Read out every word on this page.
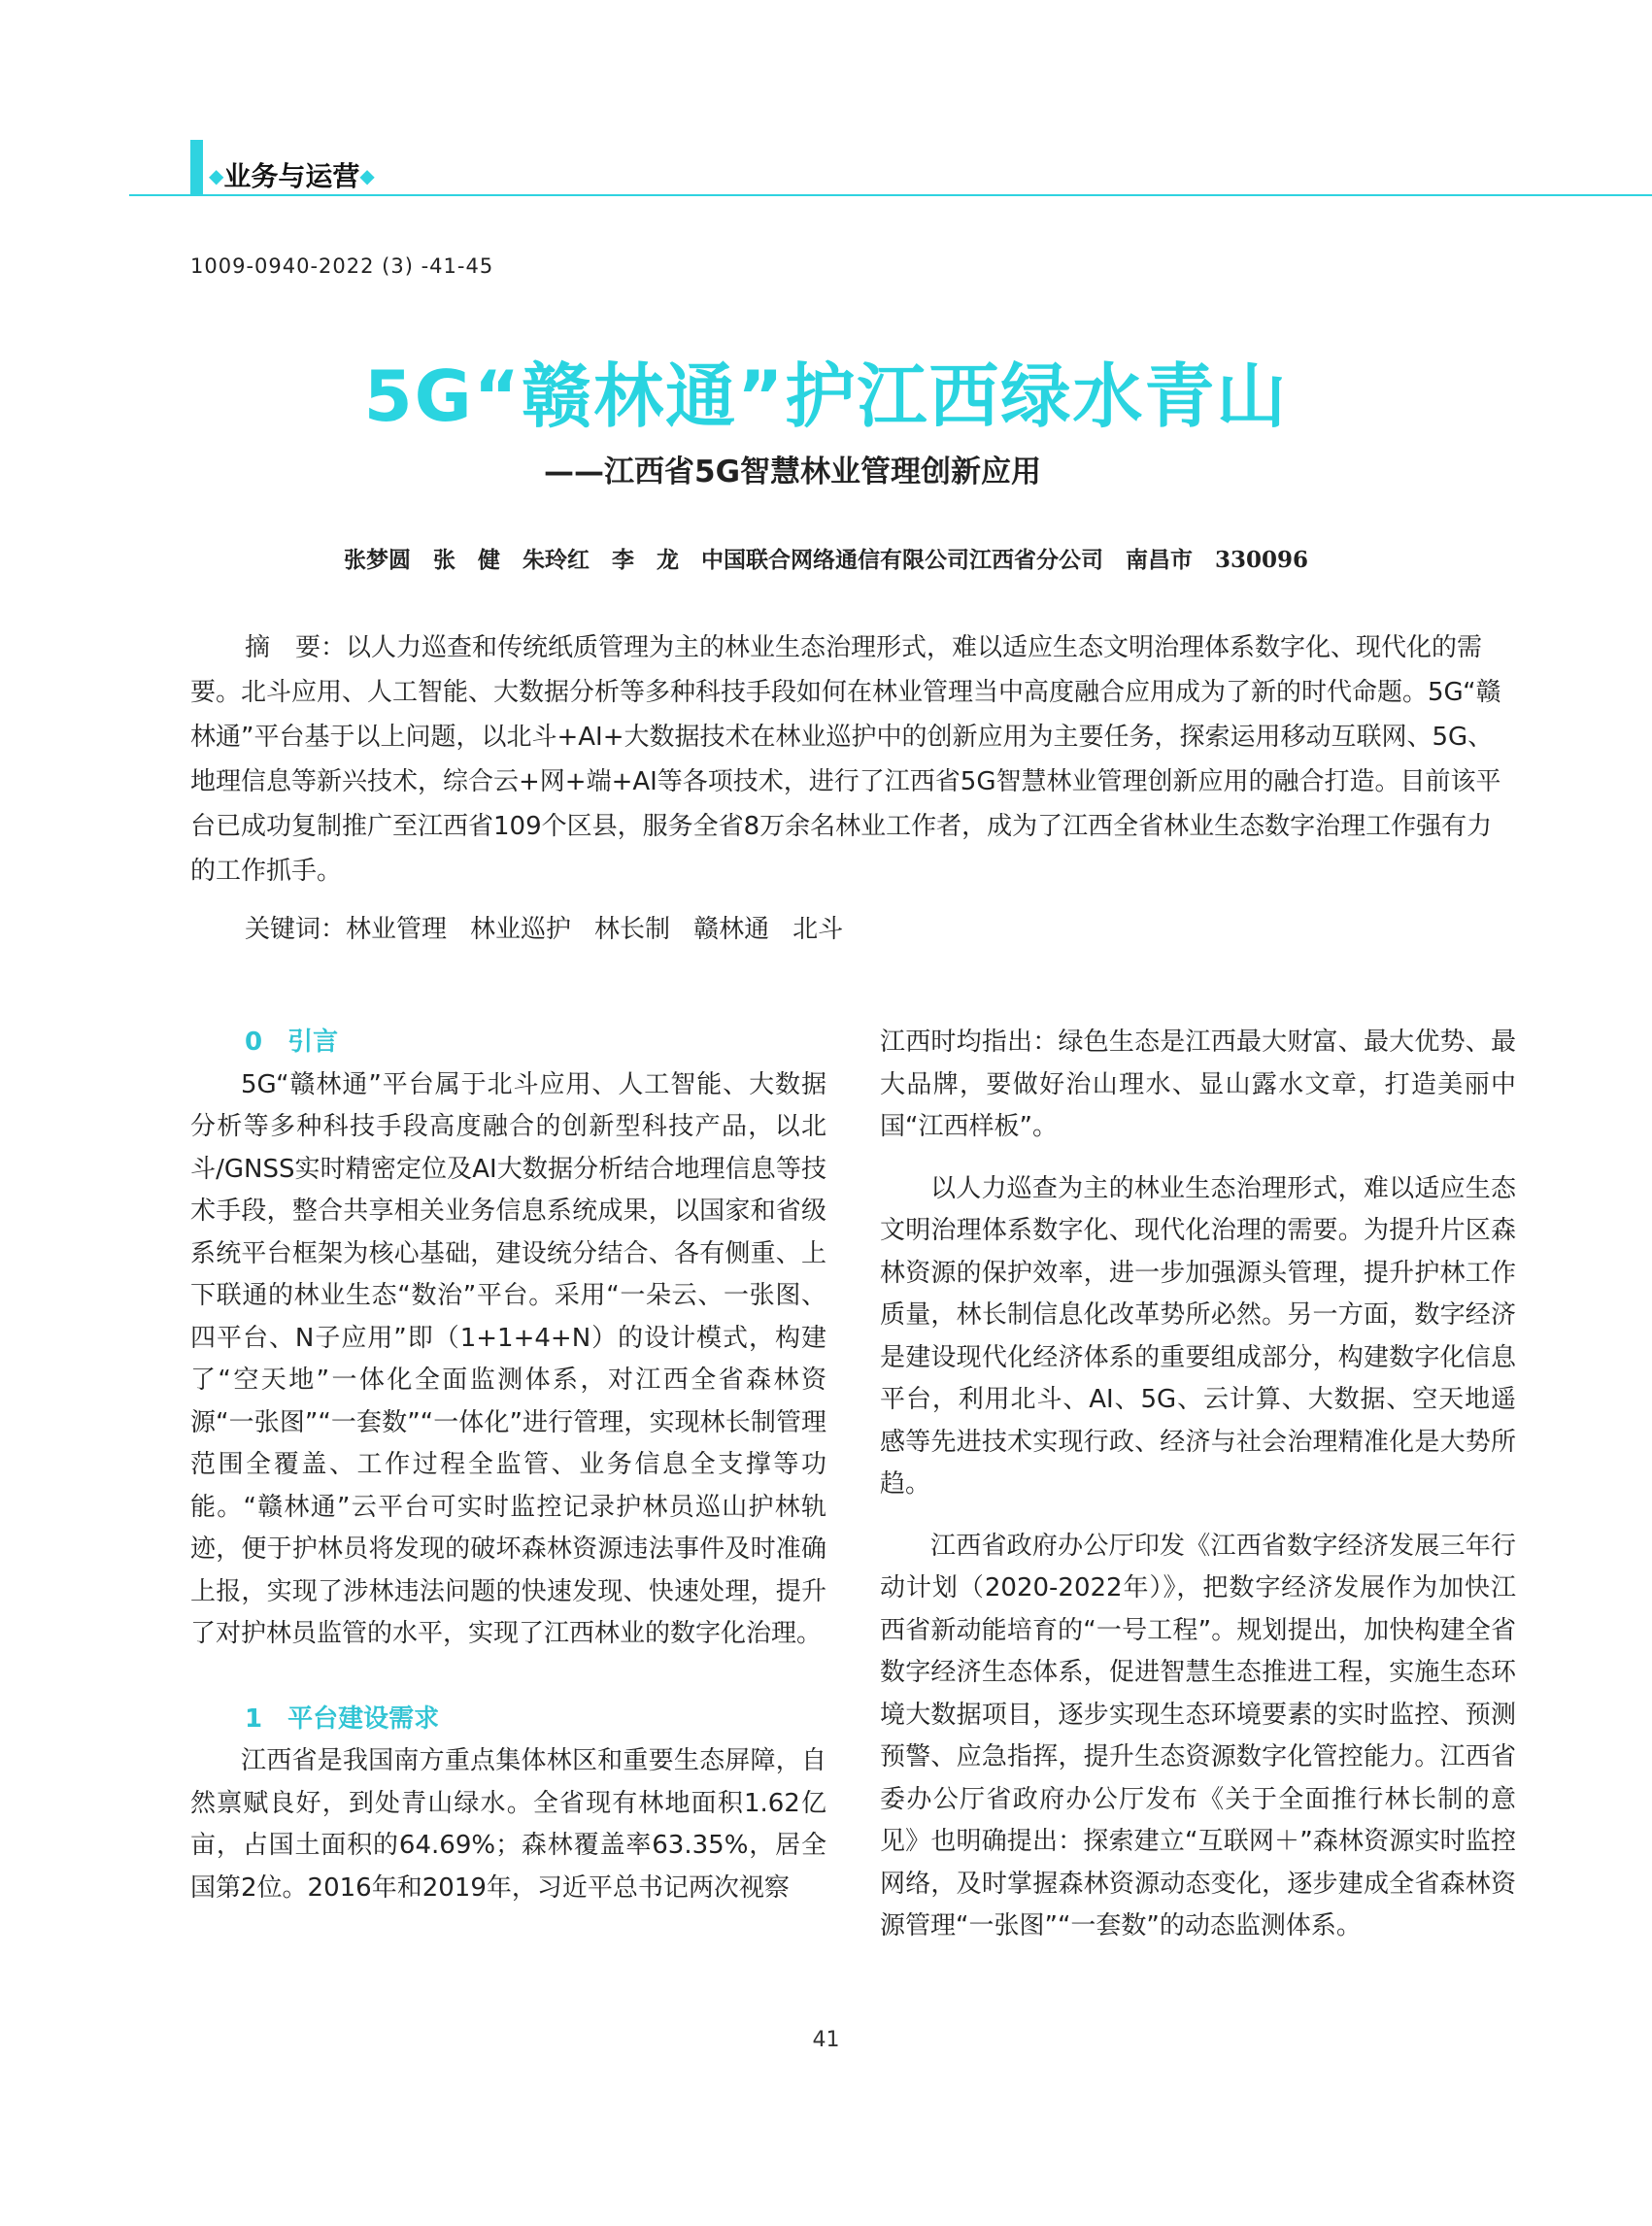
◆业务与运营◆
1009-0940-2022 (3) -41-45
5G“赣林通”护江西绿水青山
——江西省5G智慧林业管理创新应用
张梦圆　张　健　朱玲红　李　龙　中国联合网络通信有限公司江西省分公司　南昌市　330096

摘　要：以人力巡查和传统纸质管理为主的林业生态治理形式，难以适应生态文明治理体系数字化、现代化的需要。北斗应用、人工智能、大数据分析等多种科技手段如何在林业管理当中高度融合应用成为了新的时代命题。5G“赣林通”平台基于以上问题，以北斗+AI+大数据技术在林业巡护中的创新应用为主要任务，探索运用移动互联网、5G、地理信息等新兴技术，综合云+网+端+AI等各项技术，进行了江西省5G智慧林业管理创新应用的融合打造。目前该平台已成功复制推广至江西省109个区县，服务全省8万余名林业工作者，成为了江西全省林业生态数字治理工作强有力的工作抓手。

关键词：林业管理 林业巡护 林长制 赣林通 北斗

0　引言

5G“赣林通”平台属于北斗应用、人工智能、大数据分析等多种科技手段高度融合的创新型科技产品，以北斗/GNSS实时精密定位及AI大数据分析结合地理信息等技术手段，整合共享相关业务信息系统成果，以国家和省级系统平台框架为核心基础，建设统分结合、各有侧重、上下联通的林业生态“数治”平台。采用“一朵云、一张图、四平台、N子应用”即（1+1+4+N）的设计模式，构建了“空天地”一体化全面监测体系，对江西全省森林资源“一张图”“一套数”“一体化”进行管理，实现林长制管理范围全覆盖、工作过程全监管、业务信息全支撑等功能。“赣林通”云平台可实时监控记录护林员巡山护林轨迹，便于护林员将发现的破坏森林资源违法事件及时准确上报，实现了涉林违法问题的快速发现、快速处理，提升了对护林员监管的水平，实现了江西林业的数字化治理。

1　平台建设需求

江西省是我国南方重点集体林区和重要生态屏障，自然禀赋良好，到处青山绿水。全省现有林地面积1.62亿亩，占国土面积的64.69%；森林覆盖率63.35%，居全国第2位。2016年和2019年，习近平总书记两次视察

江西时均指出：绿色生态是江西最大财富、最大优势、最大品牌，要做好治山理水、显山露水文章，打造美丽中国“江西样板”。

以人力巡查为主的林业生态治理形式，难以适应生态文明治理体系数字化、现代化治理的需要。为提升片区森林资源的保护效率，进一步加强源头管理，提升护林工作质量，林长制信息化改革势所必然。另一方面，数字经济是建设现代化经济体系的重要组成部分，构建数字化信息平台，利用北斗、AI、5G、云计算、大数据、空天地遥感等先进技术实现行政、经济与社会治理精准化是大势所趋。

江西省政府办公厅印发《江西省数字经济发展三年行动计划（2020-2022年）》，把数字经济发展作为加快江西省新动能培育的“一号工程”。规划提出，加快构建全省数字经济生态体系，促进智慧生态推进工程，实施生态环境大数据项目，逐步实现生态环境要素的实时监控、预测预警、应急指挥，提升生态资源数字化管控能力。江西省委办公厅省政府办公厅发布《关于全面推行林长制的意见》也明确提出：探索建立“互联网＋”森林资源实时监控网络，及时掌握森林资源动态变化，逐步建成全省森林资源管理“一张图”“一套数”的动态监测体系。

41
